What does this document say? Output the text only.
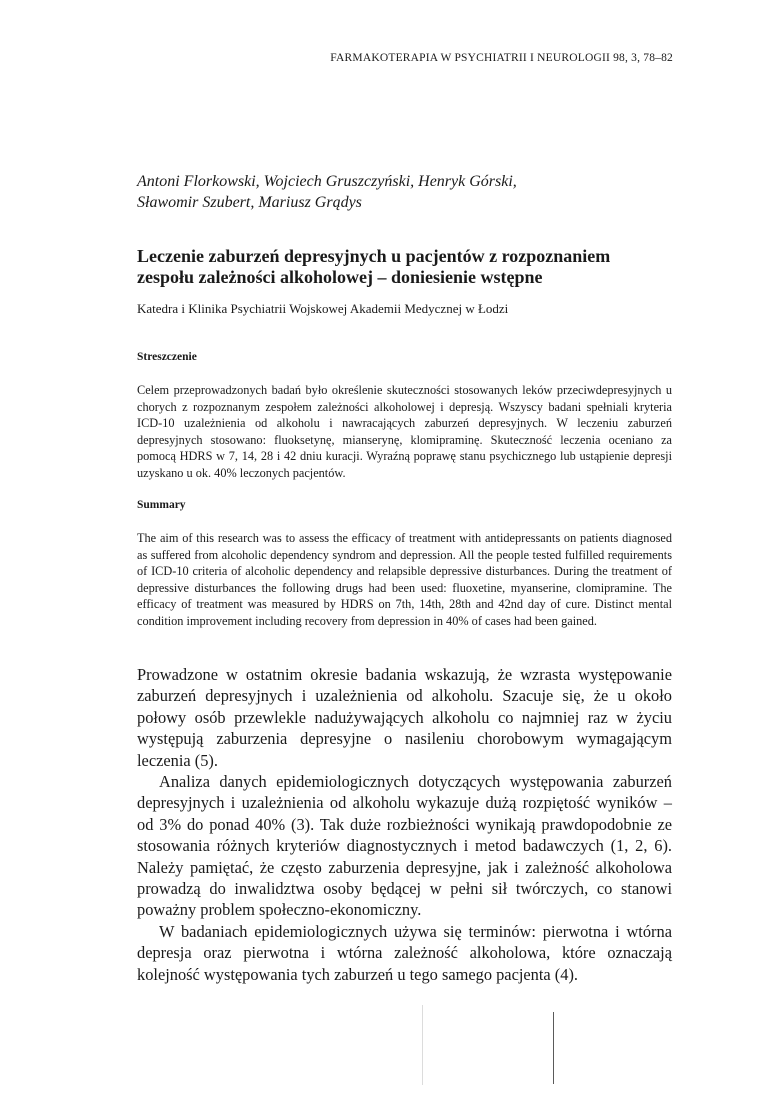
FARMAKOTERAPIA W PSYCHIATRII I NEUROLOGII 98, 3, 78–82
Antoni Florkowski, Wojciech Gruszczyński, Henryk Górski,
Sławomir Szubert, Mariusz Grądys
Leczenie zaburzeń depresyjnych u pacjentów z rozpoznaniem
zespołu zależności alkoholowej – doniesienie wstępne
Katedra i Klinika Psychiatrii Wojskowej Akademii Medycznej w Łodzi
Streszczenie

Celem przeprowadzonych badań było określenie skuteczności stosowanych leków przeciwdepresyjnych u chorych z rozpoznanym zespołem zależności alkoholowej i depresją. Wszyscy badani spełniali kryteria ICD-10 uzależnienia od alkoholu i nawracających zaburzeń depresyjnych. W leczeniu zaburzeń depresyjnych stosowano: fluoksetynę, mianserynę, klomipraminę. Skuteczność leczenia oceniano za pomocą HDRS w 7, 14, 28 i 42 dniu kuracji. Wyraźną poprawę stanu psychicznego lub ustąpienie depresji uzyskano u ok. 40% leczonych pacjentów.

Summary

The aim of this research was to assess the efficacy of treatment with antidepressants on patients diagnosed as suffered from alcoholic dependency syndrom and depression. All the people tested fulfilled requirements of ICD-10 criteria of alcoholic dependency and relapsible depressive disturbances. During the treatment of depressive disturbances the following drugs had been used: fluoxetine, myanserine, clomipramine. The efficacy of treatment was measured by HDRS on 7th, 14th, 28th and 42nd day of cure. Distinct mental condition improvement including recovery from depression in 40% of cases had been gained.

Prowadzone w ostatnim okresie badania wskazują, że wzrasta występowanie zaburzeń depresyjnych i uzależnienia od alkoholu. Szacuje się, że u około połowy osób przewlekle nadużywających alkoholu co najmniej raz w życiu występują zaburzenia depresyjne o nasileniu chorobowym wymagającym leczenia (5).

Analiza danych epidemiologicznych dotyczących występowania zaburzeń depresyjnych i uzależnienia od alkoholu wykazuje dużą rozpiętość wyników – od 3% do ponad 40% (3). Tak duże rozbieżności wynikają prawdopodobnie ze stosowania różnych kryteriów diagnostycznych i metod badawczych (1, 2, 6). Należy pamiętać, że często zaburzenia depresyjne, jak i zależność alkoholowa prowadzą do inwalidztwa osoby będącej w pełni sił twórczych, co stanowi poważny problem społeczno-ekonomiczny.

W badaniach epidemiologicznych używa się terminów: pierwotna i wtórna depresja oraz pierwotna i wtórna zależność alkoholowa, które oznaczają kolejność występowania tych zaburzeń u tego samego pacjenta (4).
